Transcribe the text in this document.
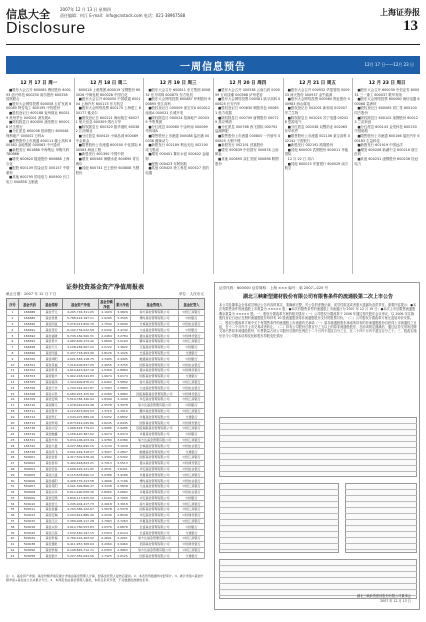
信息大全	2007年 12 月 13 日 星期四
责任编辑：何江 E-mail：info@cnstock.com 电话：021-38967588
Disclosure
上海证券报
13
一周信息预告	12月 17 日——12月 23 日
12 月 17 日 周一
■股东大会召开 600083 博信股份 600193 创兴科技 600250 南纺股份 600358 国旅联合
■股东大会网络投票 600058 五矿发展 600089 特变电工 600195 中牧股份
■股权登记日 600188 兖州煤业 600519 贵州茅台 000001 深发展A
■除权除息日 600000 浦发银行 600016 民生银行
■分红派息 600036 招商银行 600048 保利地产 000002 万科A
■限售股份上市流通 600111 稀土高科 600383 金地集团 000063 中兴通讯
■新股发行 601866 中海集运 申购代码 780866
■增发 600820 隧道股份 600688 上海石化
■配股 600109 国金证券 000157 中联重科
■其他 600795 国电电力 600900 长江电力 000858 五粮液
12 月 18 日 周二
600018 上港集团 600019 宝钢股份 600026 中海发展 600028 中国石化
■股东大会召开 600050 中国联通 600104 上海汽车 600115 东方航空
■股东大会网络投票 600170 上海建工 600177 雅戈尔
■股权登记日 600221 海南航空 600271 航天信息 600309 烟台万华
■除权除息日 600320 振华港机 600362 江西铜业
■分红派息 600415 小商品城 600489 中金黄金
■限售股份上市流通 600500 中化国际 600583 海油工程
■新股发行 601390 中国中铁
■增发 600585 海螺水泥 600690 青岛海尔
■其他 600741 巴士股份 600808 马钢股份
12 月 19 日 周三
■股东大会召开 600811 东方集团 600832 东方明珠 600875 东方电机
■股东大会网络投票 600887 伊利股份 600895 张江高科
■股权登记日 000009 深宝安A 000012 南玻A 000021 长城开发
■除权除息日 000024 招商地产 000039 中集集团
■分红派息 000060 中金岭南 000069 华侨城A
■限售股份上市流通 000088 盐田港 000338 潍柴动力
■新股发行 002189 利达光电 002190 成飞集成
■增发 000401 冀东水泥 000402 金融街
■配股 000423 东阿阿胶
■其他 000425 徐工科技 000527 美的电器
12 月 20 日 周四
■股东大会召开 000538 云南白药 000559 万向钱潮 000568 泸州老窖
■股东大会网络投票 000581 威孚高科 000625 长安汽车
■股权登记日 000630 铜陵有色 000651 格力电器
■除权除息日 000709 唐钢股份 000729 燕京啤酒
■分红派息 000768 西飞国际 000792 盐湖钾肥
■限售股份上市流通 000800 一汽轿车 000825 太钢不锈
■新股发行 002191 劲嘉股份
■增发 000839 中信国安 000878 云南铜业
■其他 000895 双汇发展 000898 鞍钢股份
12 月 21 日 周五
■股东大会召开 000932 华菱管线 000933 神火股份 000937 金牛能源
■股东大会网络投票 000960 锡业股份 000983 西山煤电
■股权登记日 002001 新和成 002007 华兰生物
■除权除息日 002024 苏宁电器 002028 思源电气
■分红派息 002038 双鹭药业 002065 东华软件
■限售股份上市流通 002106 莱宝高科 002142 宁波银行
■新股发行 002192 路翔股份
■其他 600005 武钢股份 600011 华能国际
12 月 22 日 周六
■其他 600015 华夏银行 600029 南方航空
12 月 23 日 周日
■股东大会召开 600030 中信证券 600031 三一重工 600037 歌华有线
■股东大会网络投票 600060 海信电器 600068 葛洲坝
■股权登记日 600085 同仁堂 600100 同方股份
■除权除息日 600102 莱钢股份 600123 兰花科创
■分红派息 600143 金发科技 600150 中国船舶
■限售股份上市流通 600166 福田汽车 600183 生益科技
■新股发行 601919 中国远洋
■增发 600208 新湖中宝 600216 浙江医药
■其他 600231 凌钢股份 600236 桂冠电力
证券投资基金资产净值周报表
截止日期：2007 年 12 月 7 日	单位：人民币元
序号	基金代码	基金简称	基金资产净值	基金份额净值	累计净值	基金管理人	基金托管人
1	184688	基金开元	4,205,716,311.05	2.1029	3.9829	南方基金管理有限公司	中国工商银行
2	184689	基金普惠	5,788,424,187.11	1.9295	3.3595	博时基金管理有限公司	中国银行
3	184690	基金同益	5,276,913,850.76	1.7590	2.9090	长城基金管理有限公司	中国农业银行
4	184691	基金景宏	6,102,734,022.58	2.0342	3.4742	大成基金管理有限公司	中国银行
5	184692	基金裕隆	6,745,182,560.31	2.2484	3.2784	嘉实基金管理有限公司	中国建设银行
6	184693	基金普丰	4,982,600,173.40	1.6609	3.0109	鹏华基金管理有限公司	中国工商银行
7	184698	基金天元	3,108,264,907.22	2.0722	3.3622	宝盈基金管理有限公司	中国银行
8	184699	基金同盛	5,437,718,264.90	1.8126	3.1026	长盛基金管理有限公司	交通银行
9	184700	基金鸿阳	4,021,563,118.75	1.3405	2.4405	融通基金管理有限公司	中国银行
10	184701	基金景福	7,216,409,837.05	2.4055	3.3755	国泰基金管理有限公司	中国农业银行
11	184702	基金科讯	4,610,823,947.16	1.5369	2.8869	嘉实基金管理有限公司	中国建设银行
12	184703	基金银丰	5,902,218,544.83	1.9674	3.0174	国泰基金管理有限公司	交通银行
13	184705	基金裕泽	1,324,609,876.23	2.6492	3.5892	南方基金管理有限公司	中国工商银行
14	184706	基金天华	1,709,344,201.87	1.7093	2.5893	大成基金管理有限公司	中国农业银行
15	184708	基金兴科	6,083,997,425.60	2.0280	3.0880	国投瑞银基金管理有限公司	中国建设银行
16	184709	基金安顺	5,519,782,346.94	1.8399	3.1299	华安基金管理有限公司	中国工商银行
17	184710	基金隆元	1,278,916,034.48	2.5578	3.3078	易方达基金管理有限公司	中国银行
18	184711	基金普华	4,112,873,609.53	1.3710	2.3910	鹏华基金管理有限公司	中国工商银行
19	184712	基金科汇	1,543,207,889.16	1.5432	2.6832	华夏基金管理有限公司	交通银行
20	184713	基金科翔	4,873,612,045.80	1.6245	2.6445	国泰基金管理有限公司	中国建设银行
21	184718	基金兴安	1,908,524,779.03	1.9085	2.9285	国投瑞银基金管理有限公司	中国工商银行
22	184719	基金融鑫	1,156,420,387.62	1.9274	3.0374	华夏基金管理有限公司	中国银行
23	184721	基金丰和	5,934,106,223.44	1.9780	3.0380	易方达基金管理有限公司	中国工商银行
24	184722	基金久嘉	4,227,881,690.15	2.1139	3.1939	长城基金管理有限公司	中国农业银行
25	184728	基金鸿飞	2,601,449,318.07	1.3007	2.2807	融通基金管理有限公司	交通银行
26	500001	基金金泰	4,317,502,978.44	1.4392	2.5392	国泰基金管理有限公司	中国工商银行
27	500002	基金泰和	5,402,618,843.21	2.7013	3.5513	嘉实基金管理有限公司	中国建设银行
28	500003	基金安信	4,506,229,431.95	2.2531	3.6431	华安基金管理有限公司	中国农业银行
29	500005	基金汉盛	6,115,878,690.12	2.0386	3.4186	华夏基金管理有限公司	中国工商银行
30	500006	基金裕阳	4,408,776,213.58	1.4696	2.7196	博时基金管理有限公司	中国农业银行
31	500007	基金景阳	4,001,309,866.47	1.3338	2.5838	大成基金管理有限公司	中国工商银行
32	500008	基金兴华	5,612,490,058.36	2.8062	3.6862	华夏基金管理有限公司	中国农业银行
33	500009	基金安顺	4,830,117,625.09	1.6100	2.7900	华安基金管理有限公司	中国银行
34	500010	基金金元	1,245,902,417.73	2.4918	3.3018	南方基金管理有限公司	中国工商银行
35	500011	基金金鑫	4,703,385,122.67	1.5678	2.5378	国泰基金管理有限公司	中国工商银行
36	500013	基金安瑞	2,203,614,880.40	2.2036	2.8536	华安基金管理有限公司	中国建设银行
37	500015	基金汉兴	5,389,005,117.28	1.7963	2.7263	华夏基金管理有限公司	中国工商银行
38	500018	基金兴和	4,912,760,553.83	1.6376	2.6876	长盛基金管理有限公司	中国银行
39	500025	基金汉鼎	1,532,440,197.15	1.5324	2.6124	长盛基金管理有限公司	交通银行
40	500029	基金科瑞	6,780,291,463.02	2.2601	3.2001	易方达基金管理有限公司	中国工商银行
41	500038	基金通乾	4,411,957,308.64	2.2060	2.9460	招商基金管理有限公司	中国建设银行
42	500056	基金科瑞	6,108,845,712.71	2.0363	2.9863	易方达基金管理有限公司	中国工商银行
43	500058	基金银丰	5,227,381,094.56	1.7425	2.6125	国泰基金管理有限公司	交通银行
注：1、基金资产净值、基金份额净值及累计净值由基金管理人计算，经基金托管人复核后提供。2、本表所列数据均未经审计。3、累计净值=基金份额净值+基金成立以来累计分红。4、本周报表由基金管理人提供，本报仅负责刊登，不对数据的准确性负责。
证券代码：600000 证券简称：上海 ××× 编号：临 2007—025 号
湖北三峡新型建材股份有限公司有限售条件的流通股第二次上市公告
本公司及董事会全体成员保证公告内容的真实、准确和完整，对公告的虚假记载、误导性陈述或者重大遗漏负连带责任。重要内容提示：●本次有限售条件的流通股上市数量为 ××××× 股；●本次有限售条件的流通股上市流通日为 2007 年 12 月 19 日；●本次上市后限售流通股剩余数量为 ××××× 股。一、股权分置改革方案的相关情况（一）公司股权分置改革于 2006 年通过相关股东会议审议，以 2006 年实施股权登记日登记在册的流通股股东每持有 10 股流通股获得非流通股股东支付的股票对价。（二）公司股权分置改革方案无追加对价安排。二、股权分置改革方案中关于有限售条件的流通股上市流通有关承诺（一）原非流通股股东承诺所持有的非流通股股份自获得上市流通权之日起，在十二个月内不上市交易或者转让。（二）持有公司股份总数百分之五以上的原非流通股股东，在前项规定期满后，通过证券交易所挂牌交易出售原非流通股股份，出售数量占该公司股份总数的比例在十二个月内不超过百分之五，在二十四个月内不超过百分之十。三、股改实施后至今公司股本结构变化和股东持股变化情况
湖北三峡新型建材股份有限公司董事会
2007 年 12 月 13 日
